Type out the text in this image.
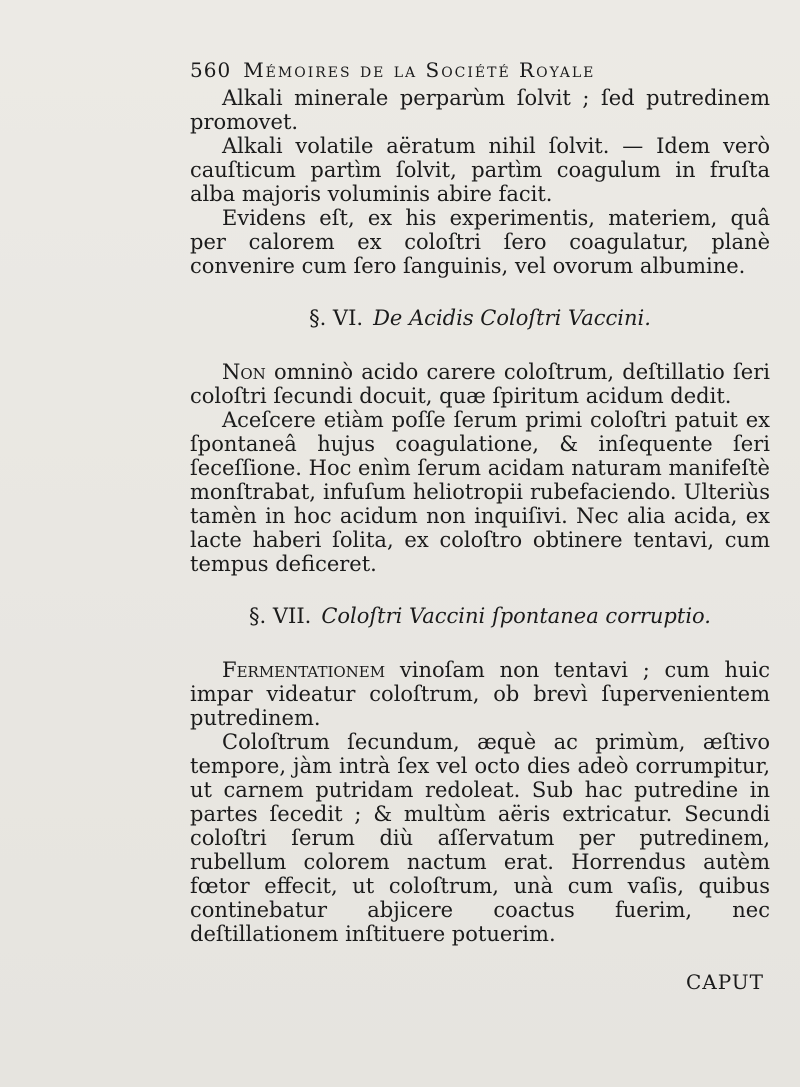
560 Mémoires de la Société Royale

Alkali minerale perparùm ſolvit ; ſed putredinem promovet.

Alkali volatile aëratum nihil ſolvit. — Idem verò cauſticum partìm ſolvit, partìm coagulum in fruſta alba majoris voluminis abire facit.

Evidens eſt, ex his experimentis, materiem, quâ per calorem ex coloſtri ſero coagulatur, planè convenire cum ſero ſanguinis, vel ovorum albumine.

§. VI. De Acidis Coloſtri Vaccini.

Non omninò acido carere coloſtrum, deſtillatio ſeri coloſtri ſecundi docuit, quæ ſpiritum acidum dedit.

Aceſcere etiàm poſſe ſerum primi coloſtri patuit ex ſpontaneâ hujus coagulatione, & inſequente ſeri ſeceſſione. Hoc enìm ſerum acidam naturam manifeſtè monſtrabat, infuſum heliotropii rubefaciendo. Ulteriùs tamèn in hoc acidum non inquiſivi. Nec alia acida, ex lacte haberi ſolita, ex coloſtro obtinere tentavi, cum tempus deficeret.

§. VII. Coloſtri Vaccini ſpontanea corruptio.

Fermentationem vinoſam non tentavi ; cum huic impar videatur coloſtrum, ob brevì ſupervenientem putredinem.

Coloſtrum ſecundum, æquè ac primùm, æſtivo tempore, jàm intrà ſex vel octo dies adeò corrumpitur, ut carnem putridam redoleat. Sub hac putredine in partes ſecedit ; & multùm aëris extricatur. Secundi coloſtri ſerum diù aſſervatum per putredinem, rubellum colorem nactum erat. Horrendus autèm fœtor effecit, ut coloſtrum, unà cum vaſis, quibus continebatur abjicere coactus fuerim, nec deſtillationem inſtituere potuerim.

CAPUT
